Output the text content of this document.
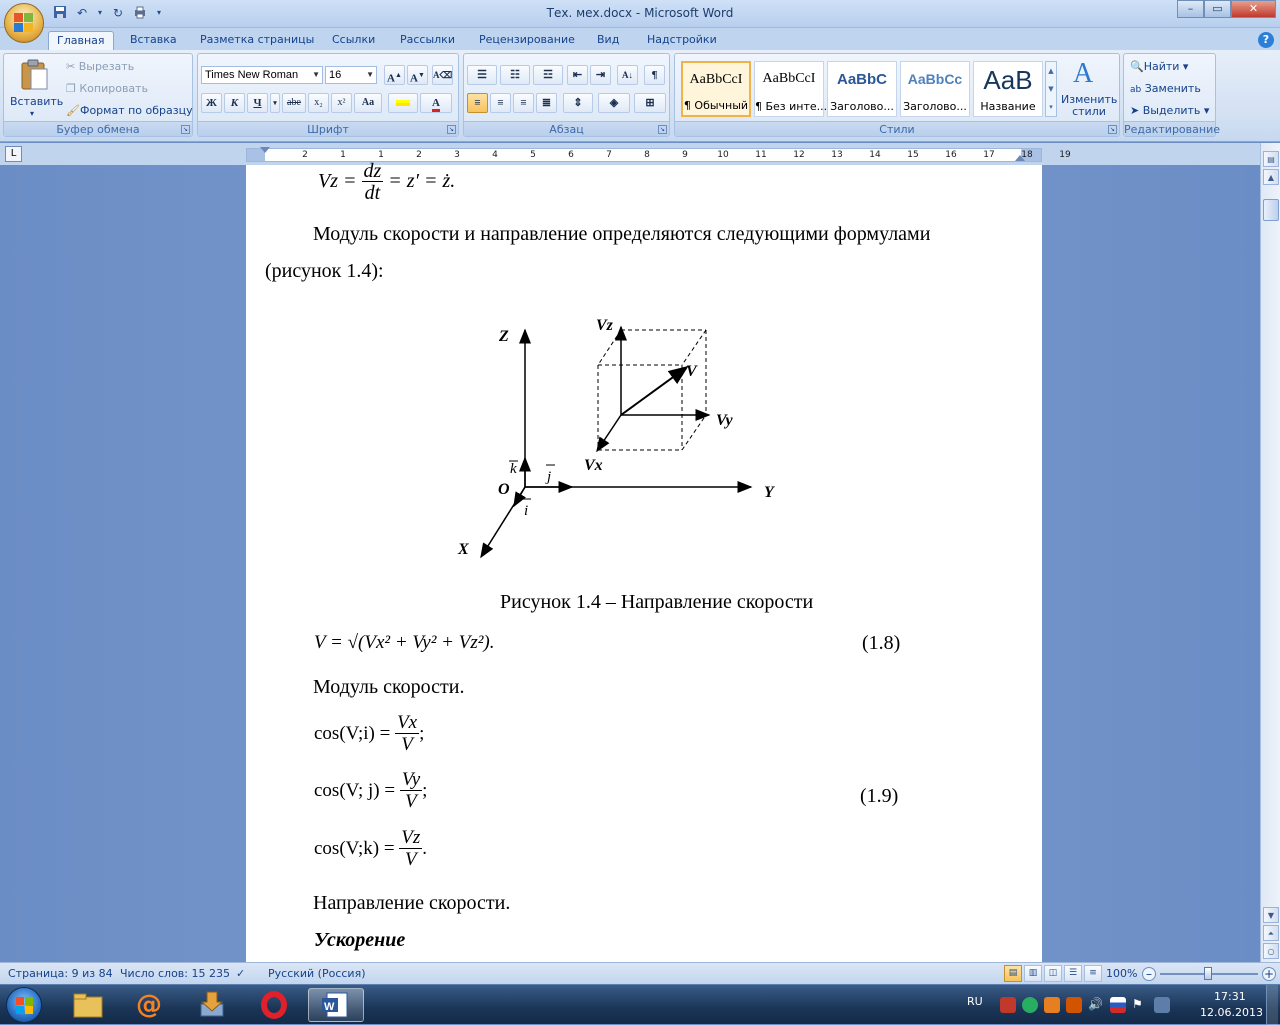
↶	▾ ↻	▾	Тех. мех.docx - Microsoft Word	–	▭	✕
Главная	Вставка	Разметка страницы	Ссылки	Рассылки	Рецензирование	Вид	Надстройки	?
Вставить
▾
✂ Вырезать
❐ Копировать
🖌Формат по образцу
Буфер обмена	↘
Times New Roman ▼ 16	▼ A▲ A▼ A⌫
Ж	К	Ч	▾	abe	x₂	x²	Aa	A
Шрифт	↘
☰	☷	☲	⇤	⇥	A↓	¶
≡	≡	≡	≣	⇕	◈	⊞
Абзац	↘
AaBbCcI
¶ Обычный
AaBbCcI
¶ Без инте...
AaBbC
Заголово...
AaBbCc
Заголово...
AaB
Название
▲
▼
▾
A
Изменить стили
Стили	↘
🔍Найти ▾
ab Заменить
➤ Выделить ▾
Редактирование
L	2	1	1	2	3	4	5	6	7	8	9	10	11	12	13	14	15	16	17	18	19
$Vz = \frac{dz}{dt} = z'$ = ż.
Модуль скорости и направление определяются следующими формулами
(рисунок 1.4):
Z
Y
X
O
Vz
Vy
Vx
V
k j
i
Рисунок 1.4 – Направление скорости
V = √(Vx² + Vy² + Vz²).	(1.8)
Модуль скорости.
cos(V;i) = $\frac{Vx}{V}$ ;
cos(V; $j) = \frac{Vy}{V}$ ;	(1.9)
cos(V;k) = $\frac{Vz}{V}$ .
Направление скорости.
Ускорение
▤
▲
▼
⏶
○
Страница: 9 из 84 Число слов: 15 235 ✓ Русский (Россия)	▤	▥	◫	☰	≡ 100% –	+
@	W	RU	🔊 ⚑
17:31
12.06.2013
